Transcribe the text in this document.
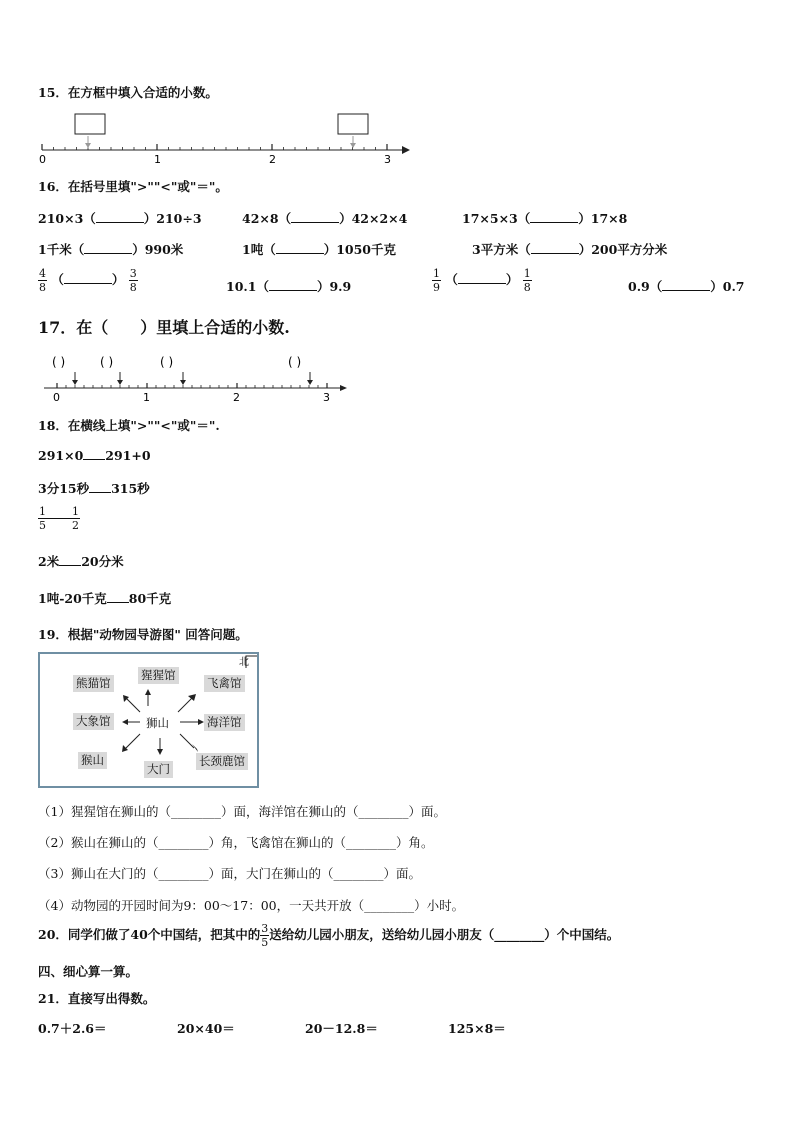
15．在方框中填入合适的小数。
0	1	2	3
16．在括号里填">""<"或"＝"。
210×3（	）210÷3	42×8（	）42×2×4	17×5×3（	）17×8
1千米（	）990米	1吨（	）1050千克	3平方米（	）200平方分米
$\frac{4}{8}$ （	） $\frac{3}{8}$	10.1（	）9.9	$\frac{1}{9}$ （	） $\frac{1}{8}$	0.9（	）0.7
17．在（　　）里填上合适的小数.
( )	( )	( )	( )
0	1	2	3
18．在横线上填">""<"或"＝".
291×0 291+0
3分15秒 315秒
$\frac{1}{5} \frac{1}{2}$
2米 20分米
1吨-20千克 80千克
19．根据"动物园导游图" 回答问题。
北
熊猫馆
猩猩馆
飞禽馆
大象馆	狮山	海洋馆
猴山
大门
长颈鹿馆
（1）猩猩馆在狮山的（________）面，海洋馆在狮山的（________）面。
（2）猴山在狮山的（________）角，飞禽馆在狮山的（________）角。
（3）狮山在大门的（________）面，大门在狮山的（________）面。
（4）动物园的开园时间为9：00～17：00，一天共开放（________）小时。
20．同学们做了40个中国结，把其中的 $\frac{3}{5}$ 送给幼儿园小朋友，送给幼儿园小朋友（________）个中国结。
四、细心算一算。
21．直接写出得数。
0.7＋2.6＝	20×40＝	20－12.8＝	125×8＝
